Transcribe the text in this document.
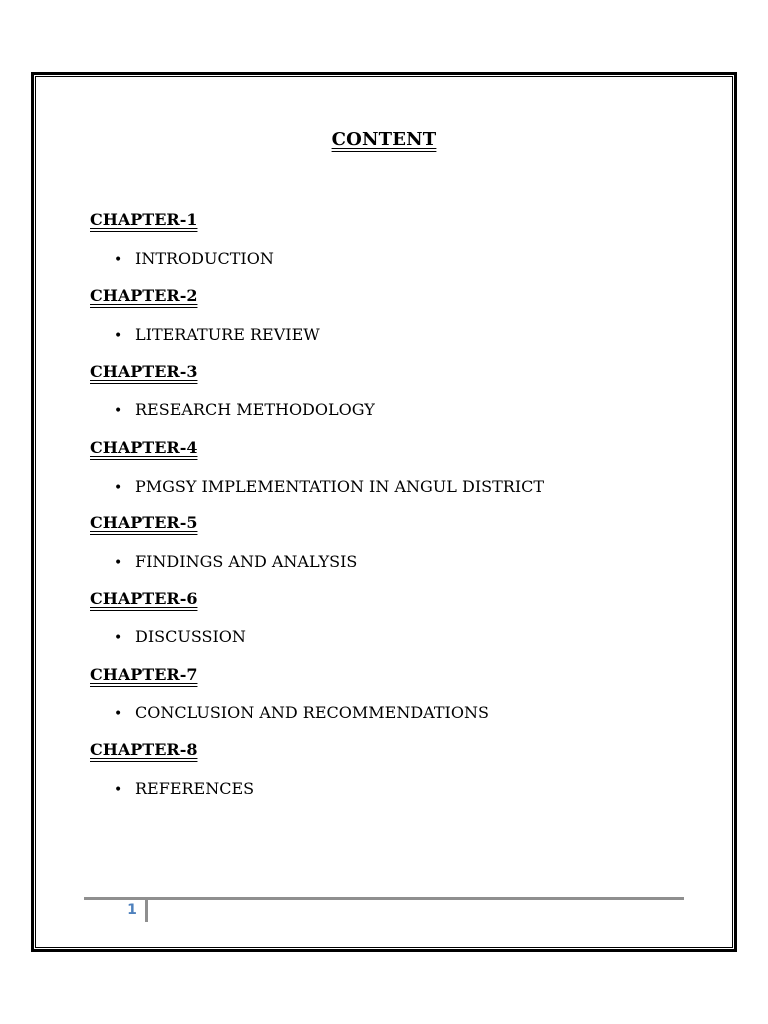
CONTENT
CHAPTER-1
• INTRODUCTION
CHAPTER-2
• LITERATURE REVIEW
CHAPTER-3
• RESEARCH METHODOLOGY
CHAPTER-4
• PMGSY IMPLEMENTATION IN ANGUL DISTRICT
CHAPTER-5
• FINDINGS AND ANALYSIS
CHAPTER-6
• DISCUSSION
CHAPTER-7
• CONCLUSION AND RECOMMENDATIONS
CHAPTER-8
• REFERENCES
1
